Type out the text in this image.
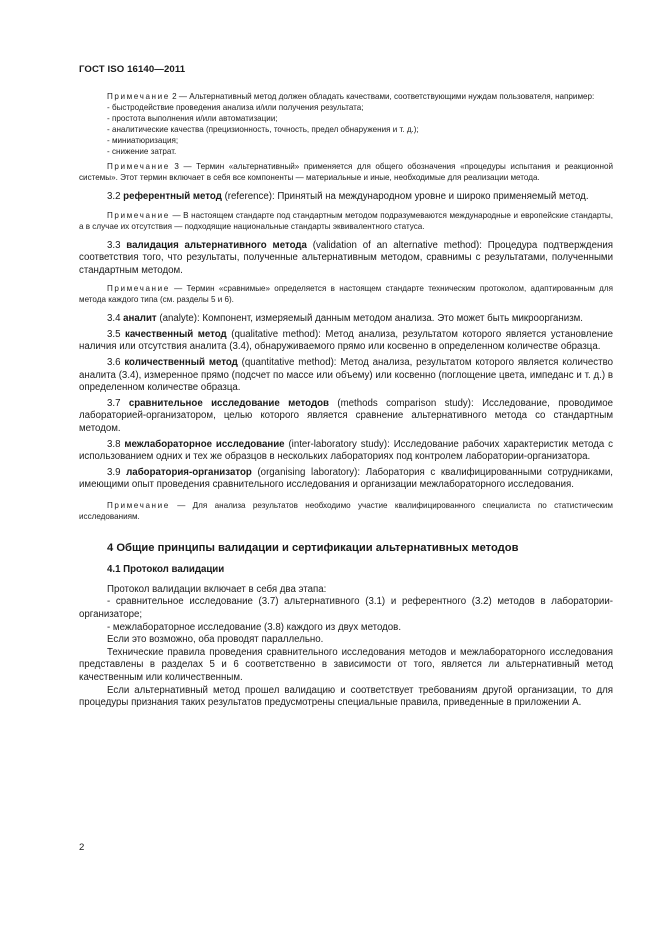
ГОСТ ISO 16140—2011

Примечание 2 — Альтернативный метод должен обладать качествами, соответствующими нуждам пользователя, например:

- быстродействие проведения анализа и/или получения результата;

- простота выполнения и/или автоматизации;

- аналитические качества (прецизионность, точность, предел обнаружения и т. д.);

- миниатюризация;

- снижение затрат.

Примечание 3 — Термин «альтернативный» применяется для общего обозначения «процедуры испытания и реакционной системы». Этот термин включает в себя все компоненты — материальные и иные, необходимые для реализации метода.

3.2 референтный метод (reference): Принятый на международном уровне и широко применяемый метод.

Примечание — В настоящем стандарте под стандартным методом подразумеваются международные и европейские стандарты, а в случае их отсутствия — подходящие национальные стандарты эквивалентного статуса.

3.3 валидация альтернативного метода (validation of an alternative method): Процедура подтверждения соответствия того, что результаты, полученные альтернативным методом, сравнимы с результатами, полученными стандартным методом.

Примечание — Термин «сравнимые» определяется в настоящем стандарте техническим протоколом, адаптированным для метода каждого типа (см. разделы 5 и 6).

3.4 аналит (analyte): Компонент, измеряемый данным методом анализа. Это может быть микроорганизм.

3.5 качественный метод (qualitative method): Метод анализа, результатом которого является установление наличия или отсутствия аналита (3.4), обнаруживаемого прямо или косвенно в определенном количестве образца.

3.6 количественный метод (quantitative method): Метод анализа, результатом которого является количество аналита (3.4), измеренное прямо (подсчет по массе или объему) или косвенно (поглощение цвета, импеданс и т. д.) в определенном количестве образца.

3.7 сравнительное исследование методов (methods comparison study): Исследование, проводимое лабораторией-организатором, целью которого является сравнение альтернативного метода со стандартным методом.

3.8 межлабораторное исследование (inter-laboratory study): Исследование рабочих характеристик метода с использованием одних и тех же образцов в нескольких лабораториях под контролем лаборатории-организатора.

3.9 лаборатория-организатор (organising laboratory): Лаборатория с квалифицированными сотрудниками, имеющими опыт проведения сравнительного исследования и организации межлабораторного исследования.

Примечание — Для анализа результатов необходимо участие квалифицированного специалиста по статистическим исследованиям.

4 Общие принципы валидации и сертификации альтернативных методов

4.1 Протокол валидации

Протокол валидации включает в себя два этапа:

- сравнительное исследование (3.7) альтернативного (3.1) и референтного (3.2) методов в лаборатории-организаторе;

- межлабораторное исследование (3.8) каждого из двух методов.

Если это возможно, оба проводят параллельно.

Технические правила проведения сравнительного исследования методов и межлабораторного исследования представлены в разделах 5 и 6 соответственно в зависимости от того, является ли альтернативный метод качественным или количественным.

Если альтернативный метод прошел валидацию и соответствует требованиям другой организации, то для процедуры признания таких результатов предусмотрены специальные правила, приведенные в приложении А.

2
